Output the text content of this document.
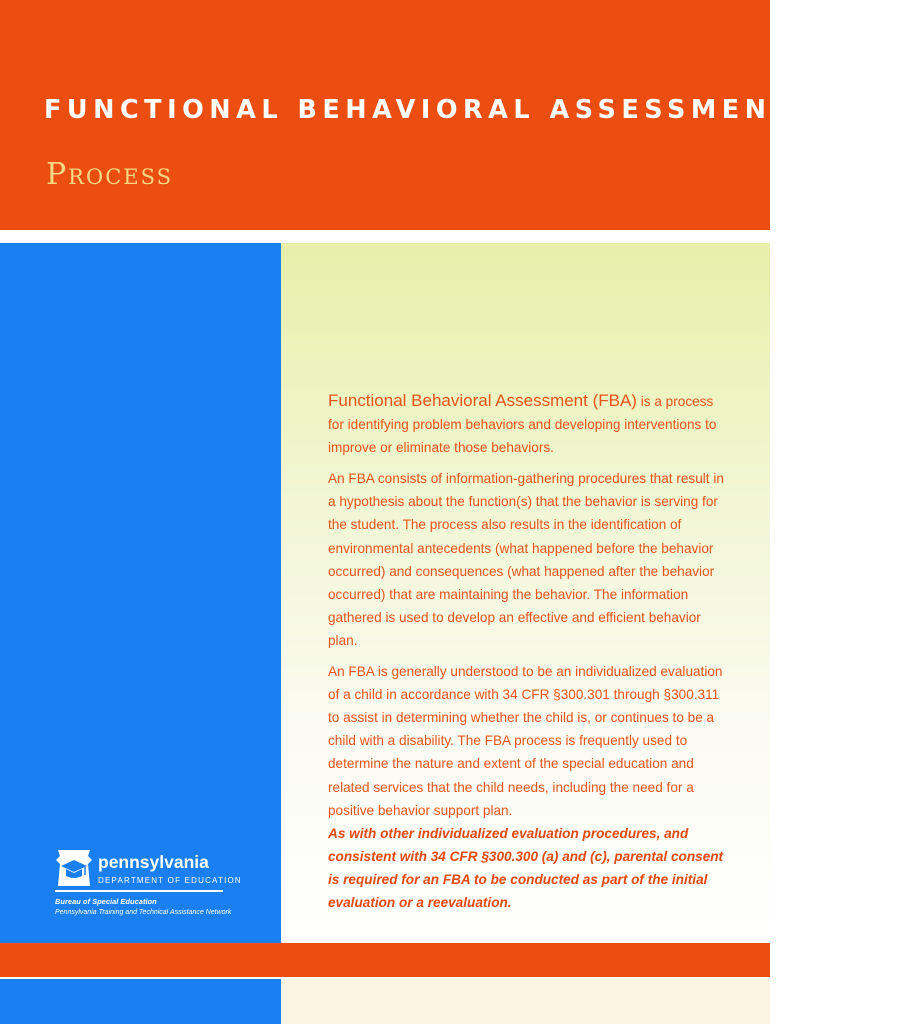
FUNCTIONAL BEHAVIORAL ASSESSMENT (FBA)
Process

Functional Behavioral Assessment (FBA) is a process for identifying problem behaviors and developing interventions to improve or eliminate those behaviors.

An FBA consists of information-gathering procedures that result in a hypothesis about the function(s) that the behavior is serving for the student. The process also results in the identification of environmental antecedents (what happened before the behavior occurred) and consequences (what happened after the behavior occurred) that are maintaining the behavior. The information gathered is used to develop an effective and efficient behavior plan.

An FBA is generally understood to be an individualized evaluation of a child in accordance with 34 CFR §300.301 through §300.311 to assist in determining whether the child is, or continues to be a child with a disability. The FBA process is frequently used to determine the nature and extent of the special education and related services that the child needs, including the need for a positive behavior support plan.
As with other individualized evaluation procedures, and consistent with 34 CFR §300.300 (a) and (c), parental consent is required for an FBA to be conducted as part of the initial evaluation or a reevaluation.

pennsylvania
DEPARTMENT OF EDUCATION
Bureau of Special Education
Pennsylvania Training and Technical Assistance Network
